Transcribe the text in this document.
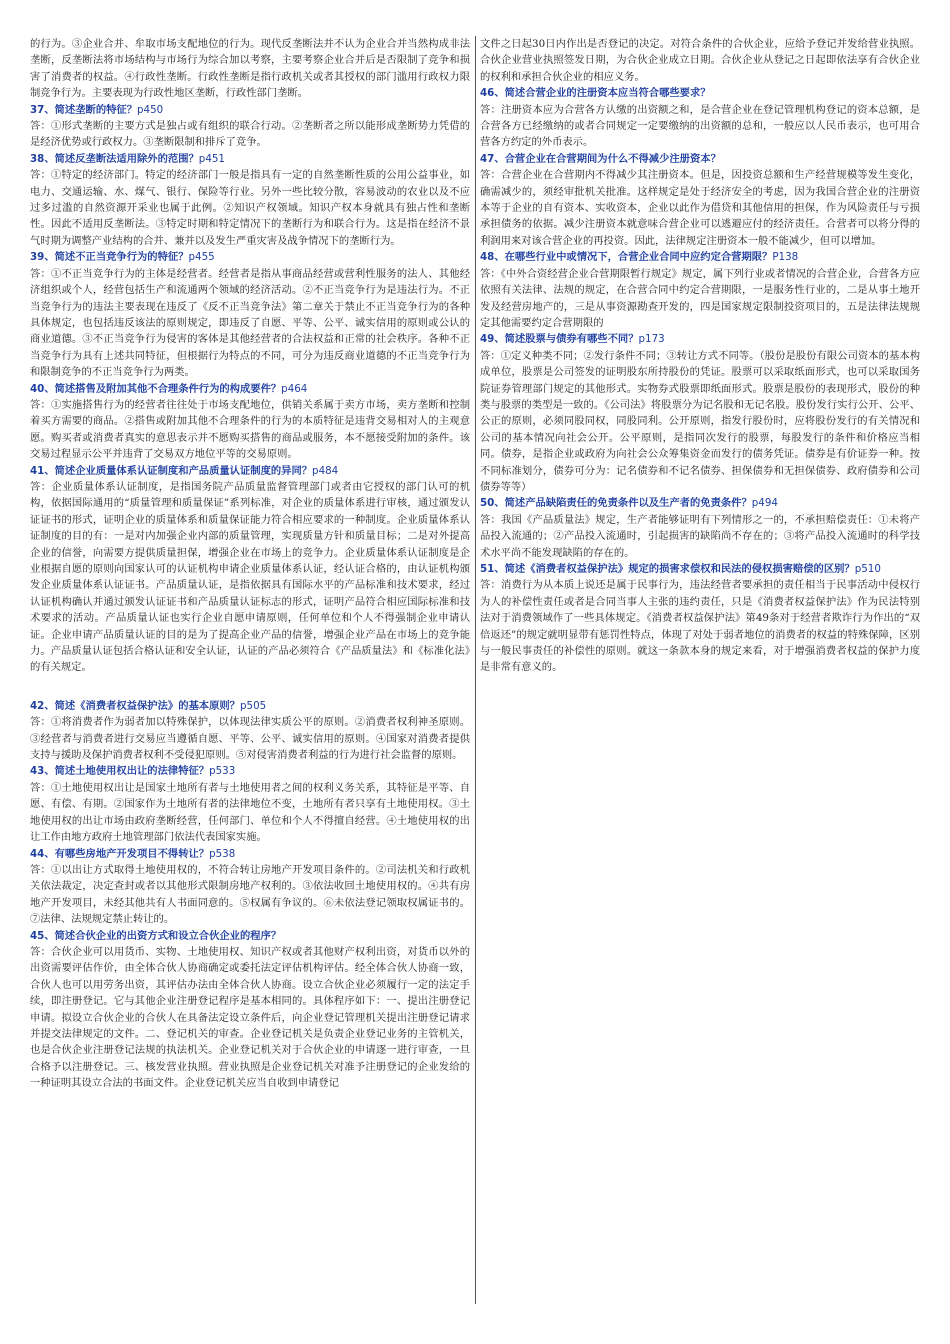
的行为。③企业合并、牟取市场支配地位的行为。现代反垄断法并不认为企业合并当然构成非法垄断，反垄断法将市场结构与市场行为综合加以考察，主要考察企业合并后是否限制了竞争和损害了消费者的权益。④行政性垄断。行政性垄断是指行政机关或者其授权的部门滥用行政权力限制竞争行为。主要表现为行政性地区垄断，行政性部门垄断。

37、简述垄断的特征？p450

答：①形式垄断的主要方式是独占或有组织的联合行动。②垄断者之所以能形成垄断势力凭借的是经济优势或行政权力。③垄断限制和排斥了竞争。

38、简述反垄断法适用除外的范围？p451

答：①特定的经济部门。特定的经济部门一般是指具有一定的自然垄断性质的公用公益事业，如电力、交通运输、水、煤气、银行、保险等行业。另外一些比较分散，容易波动的农业以及不应过多过滥的自然资源开采业也属于此例。②知识产权领域。知识产权本身就具有独占性和垄断性。因此不适用反垄断法。③特定时期和特定情况下的垄断行为和联合行为。这是指在经济不景气时期为调整产业结构的合并、兼并以及发生严重灾害及战争情况下的垄断行为。

39、简述不正当竞争行为的特征？p455

答：①不正当竞争行为的主体是经营者。经营者是指从事商品经营或营利性服务的法人、其他经济组织或个人，经营包括生产和流通两个领域的经济活动。②不正当竞争行为是违法行为。不正当竞争行为的违法主要表现在违反了《反不正当竞争法》第二章关于禁止不正当竞争行为的各种具体规定，也包括违反该法的原则规定，即违反了自愿、平等、公平、诚实信用的原则或公认的商业道德。③不正当竞争行为侵害的客体是其他经营者的合法权益和正常的社会秩序。各种不正当竞争行为具有上述共同特征，但根据行为特点的不同，可分为违反商业道德的不正当竞争行为和限制竞争的不正当竞争行为两类。

40、简述搭售及附加其他不合理条件行为的构成要件？p464

答：①实施搭售行为的经营者往往处于市场支配地位，供销关系属于卖方市场，卖方垄断和控制着买方需要的商品。②搭售或附加其他不合理条件的行为的本质特征是违背交易相对人的主观意愿。购买者或消费者真实的意思表示并不愿购买搭售的商品或服务，本不愿接受附加的条件。该交易过程显示公平并违背了交易双方地位平等的交易原则。

41、简述企业质量体系认证制度和产品质量认证制度的异同？p484

答：企业质量体系认证制度，是指国务院产品质量监督管理部门或者由它授权的部门认可的机构，依据国际通用的“质量管理和质量保证”系列标准，对企业的质量体系进行审核，通过颁发认证证书的形式，证明企业的质量体系和质量保证能力符合相应要求的一种制度。企业质量体系认证制度的目的有：一是对内加强企业内部的质量管理，实现质量方针和质量目标；二是对外提高企业的信誉，向需要方提供质量担保，增强企业在市场上的竞争力。企业质量体系认证制度是企业根据自愿的原则向国家认可的认证机构申请企业质量体系认证，经认证合格的，由认证机构颁发企业质量体系认证证书。产品质量认证，是指依据具有国际水平的产品标准和技术要求，经过认证机构确认并通过颁发认证证书和产品质量认证标志的形式，证明产品符合相应国际标准和技术要求的活动。产品质量认证也实行企业自愿申请原则，任何单位和个人不得强制企业申请认证。企业申请产品质量认证的目的是为了提高企业产品的信誉，增强企业产品在市场上的竞争能力。产品质量认证包括合格认证和安全认证，认证的产品必须符合《产品质量法》和《标准化法》的有关规定。

42、简述《消费者权益保护法》的基本原则？p505

答：①将消费者作为弱者加以特殊保护，以体现法律实质公平的原则。②消费者权利神圣原则。③经营者与消费者进行交易应当遵循自愿、平等、公平、诚实信用的原则。④国家对消费者提供支持与援助及保护消费者权利不受侵犯原则。⑤对侵害消费者利益的行为进行社会监督的原则。

43、简述土地使用权出让的法律特征？p533

答：①土地使用权出让是国家土地所有者与土地使用者之间的权利义务关系，其特征是平等、自愿、有偿、有期。②国家作为土地所有者的法律地位不变，土地所有者只享有土地使用权。③土地使用权的出让市场由政府垄断经营，任何部门、单位和个人不得擅自经营。④土地使用权的出让工作由地方政府土地管理部门依法代表国家实施。

44、有哪些房地产开发项目不得转让？p538

答：①以出让方式取得土地使用权的，不符合转让房地产开发项目条件的。②司法机关和行政机关依法裁定，决定查封或者以其他形式限制房地产权利的。③依法收回土地使用权的。④共有房地产开发项目，未经其他共有人书面同意的。⑤权属有争议的。⑥未依法登记领取权属证书的。⑦法律、法规规定禁止转让的。

45、简述合伙企业的出资方式和设立合伙企业的程序？

答：合伙企业可以用货币、实物、土地使用权、知识产权或者其他财产权利出资，对货币以外的出资需要评估作价，由全体合伙人协商确定或委托法定评估机构评估。经全体合伙人协商一致，合伙人也可以用劳务出资，其评估办法由全体合伙人协商。设立合伙企业必须履行一定的法定手续，即注册登记。它与其他企业注册登记程序是基本相同的。具体程序如下：一、提出注册登记申请。拟设立合伙企业的合伙人在具备法定设立条件后，向企业登记管理机关提出注册登记请求并提交法律规定的文件。二、登记机关的审查。企业登记机关是负责企业登记业务的主管机关，也是合伙企业注册登记法规的执法机关。企业登记机关对于合伙企业的申请逐一进行审查，一旦合格予以注册登记。三、核发营业执照。营业执照是企业登记机关对准予注册登记的企业发给的一种证明其设立合法的书面文件。企业登记机关应当自收到申请登记

文件之日起30日内作出是否登记的决定。对符合条件的合伙企业，应给予登记并发给营业执照。合伙企业营业执照签发日期，为合伙企业成立日期。合伙企业从登记之日起即依法享有合伙企业的权利和承担合伙企业的相应义务。

46、简述合营企业的注册资本应当符合哪些要求？

答：注册资本应为合营各方认缴的出资额之和，是合营企业在登记管理机构登记的资本总额，是合营各方已经缴纳的或者合同规定一定要缴纳的出资额的总和，一般应以人民币表示，也可用合营各方约定的外币表示。

47、合营企业在合营期间为什么不得减少注册资本？

答：合营企业在合营期内不得减少其注册资本。但是，因投资总额和生产经营规模等发生变化，确需减少的，须经审批机关批准。这样规定是处于经济安全的考虑，因为我国合营企业的注册资本等于企业的自有资本、实收资本，企业以此作为借贷和其他信用的担保，作为风险责任与亏损承担债务的依据。减少注册资本就意味合营企业可以逃避应付的经济责任。合营者可以将分得的利润用来对该合营企业的再投资。因此，法律规定注册资本一般不能减少，但可以增加。

48、在哪些行业中或情况下，合营企业合同中应约定合营期限？P138

答：《中外合资经营企业合营期限暂行规定》规定，属下列行业或者情况的合营企业，合营各方应依照有关法律、法规的规定，在合营合同中约定合营期限，一是服务性行业的，二是从事土地开发及经营房地产的，三是从事资源勘查开发的，四是国家规定限制投资项目的，五是法律法规规定其他需要约定合营期限的

49、简述股票与债券有哪些不同？p173

答：①定义种类不同；②发行条件不同；③转让方式不同等。（股份是股份有限公司资本的基本构成单位，股票是公司签发的证明股东所持股份的凭证。股票可以采取纸面形式，也可以采取国务院证券管理部门规定的其他形式。实物券式股票即纸面形式。股票是股份的表现形式，股份的种类与股票的类型是一致的。《公司法》将股票分为记名股和无记名股。股份发行实行公开、公平、公正的原则，必须同股同权，同股同利。公开原则，指发行股份时，应将股份发行的有关情况和公司的基本情况向社会公开。公平原则，是指同次发行的股票，每股发行的条件和价格应当相同。债券，是指企业或政府为向社会公众筹集资金而发行的债务凭证。债券是有价证券一种。按不同标准划分，债券可分为：记名债券和不记名债券、担保债券和无担保债券、政府债券和公司债券等等）

50、简述产品缺陷责任的免责条件以及生产者的免责条件？p494

答：我国《产品质量法》规定，生产者能够证明有下列情形之一的，不承担赔偿责任：①未将产品投入流通的；②产品投入流通时，引起损害的缺陷尚不存在的；③将产品投入流通时的科学技术水平尚不能发现缺陷的存在的。

51、简述《消费者权益保护法》规定的损害求偿权和民法的侵权损害赔偿的区别？p510

答：消费行为从本质上说还是属于民事行为，违法经营者要承担的责任相当于民事活动中侵权行为人的补偿性责任或者是合同当事人主张的违约责任，只是《消费者权益保护法》作为民法特别法对于消费领域作了一些具体规定。《消费者权益保护法》第49条对于经营者欺诈行为作出的“双倍返还”的规定就明显带有惩罚性特点，体现了对处于弱者地位的消费者的权益的特殊保障，区别与一般民事责任的补偿性的原则。就这一条款本身的规定来看，对于增强消费者权益的保护力度是非常有意义的。
